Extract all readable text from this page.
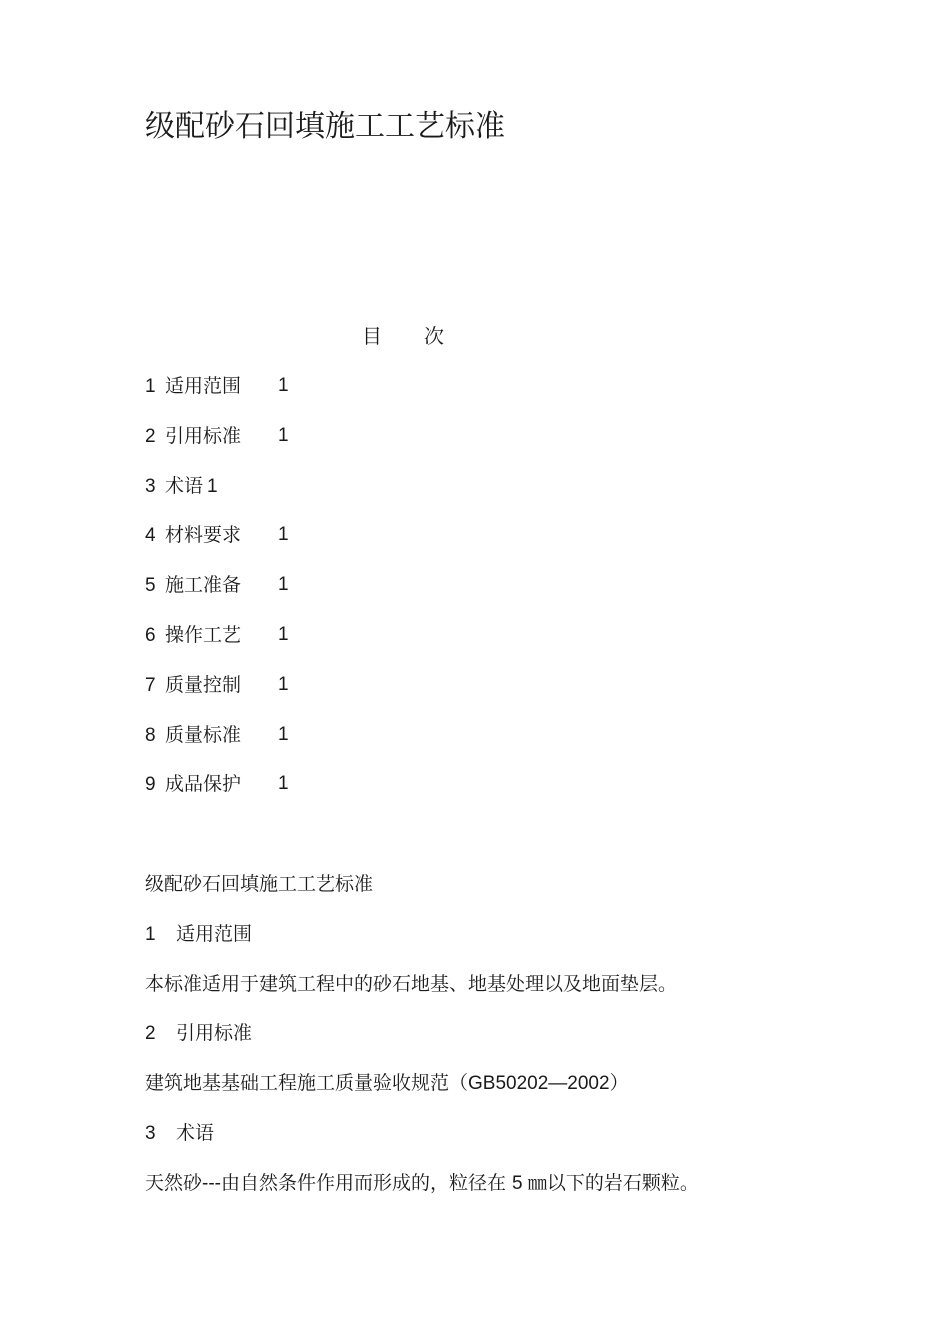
级配砂石回填施工工艺标准
目 次
1 适用范围 1
2 引用标准 1
3 术语 1
4 材料要求 1
5 施工准备 1
6 操作工艺 1
7 质量控制 1
8 质量标准 1
9 成品保护 1
级配砂石回填施工工艺标准
1 适用范围
本标准适用于建筑工程中的砂石地基、地基处理以及地面垫层。
2 引用标准
建筑地基基础工程施工质量验收规范（GB50202—2002）
3 术语
天然砂---由自然条件作用而形成的，粒径在 5 ㎜以下的岩石颗粒。
